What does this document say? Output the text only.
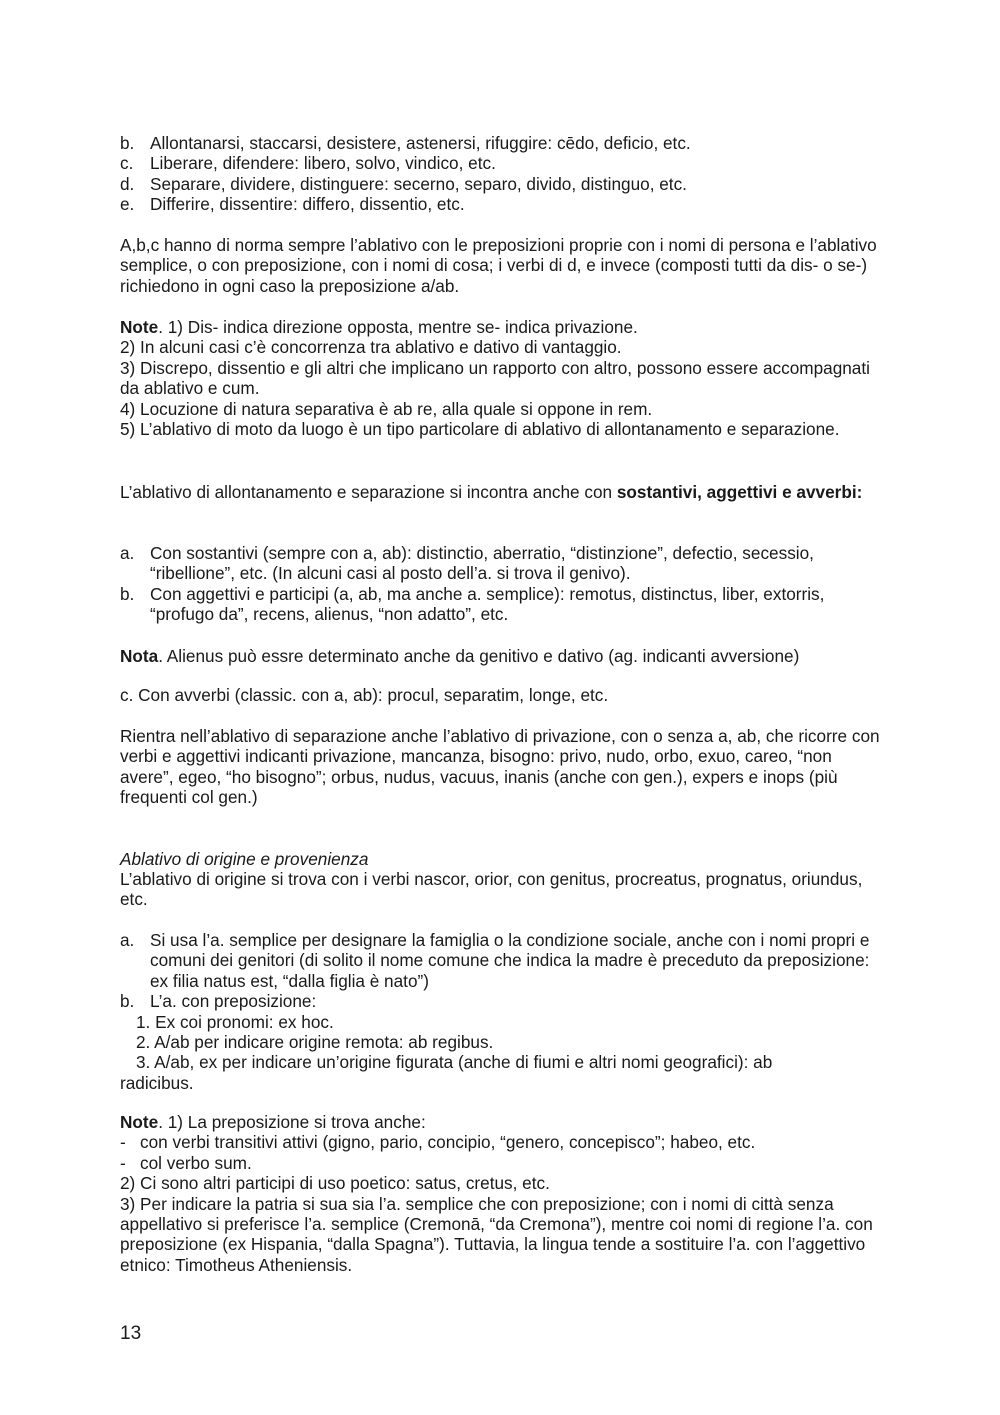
b. Allontanarsi, staccarsi, desistere, astenersi, rifuggire: cēdo, deficio, etc.
c. Liberare, difendere: libero, solvo, vindico, etc.
d. Separare, dividere, distinguere: secerno, separo, divido, distinguo, etc.
e. Differire, dissentire: differo, dissentio, etc.

A,b,c hanno di norma sempre l’ablativo con le preposizioni proprie con i nomi di persona e l’ablativo semplice, o con preposizione, con i nomi di cosa; i verbi di d, e invece (composti tutti da dis- o se-) richiedono in ogni caso la preposizione a/ab.

Note. 1) Dis- indica direzione opposta, mentre se- indica privazione.
2) In alcuni casi c’è concorrenza tra ablativo e dativo di vantaggio.
3) Discrepo, dissentio e gli altri che implicano un rapporto con altro, possono essere accompagnati da ablativo e cum.
4) Locuzione di natura separativa è ab re, alla quale si oppone in rem.
5) L’ablativo di moto da luogo è un tipo particolare di ablativo di allontanamento e separazione.

L’ablativo di allontanamento e separazione si incontra anche con sostantivi, aggettivi e avverbi:

a. Con sostantivi (sempre con a, ab): distinctio, aberratio, “distinzione”, defectio, secessio, “ribellione”, etc. (In alcuni casi al posto dell’a. si trova il genivo).
b. Con aggettivi e participi (a, ab, ma anche a. semplice): remotus, distinctus, liber, extorris, “profugo da”, recens, alienus, “non adatto”, etc.

Nota. Alienus può essre determinato anche da genitivo e dativo (ag. indicanti avversione)

c. Con avverbi (classic. con a, ab): procul, separatim, longe, etc.

Rientra nell’ablativo di separazione anche l’ablativo di privazione, con o senza a, ab, che ricorre con verbi e aggettivi indicanti privazione, mancanza, bisogno: privo, nudo, orbo, exuo, careo, “non avere”, egeo, “ho bisogno”; orbus, nudus, vacuus, inanis (anche con gen.), expers e inops (più frequenti col gen.)

Ablativo di origine e provenienza

L’ablativo di origine si trova con i verbi nascor, orior, con genitus, procreatus, prognatus, oriundus, etc.

a. Si usa l’a. semplice per designare la famiglia o la condizione sociale, anche con i nomi propri e comuni dei genitori (di solito il nome comune che indica la madre è preceduto da preposizione: ex filia natus est, “dalla figlia è nato”)
b. L’a. con preposizione:
1. Ex coi pronomi: ex hoc.
2. A/ab per indicare origine remota: ab regibus.
3. A/ab, ex per indicare un’origine figurata (anche di fiumi e altri nomi geografici): ab
radicibus.
Note. 1) La preposizione si trova anche:
- con verbi transitivi attivi (gigno, pario, concipio, “genero, concepisco”; habeo, etc.
- col verbo sum.
2) Ci sono altri participi di uso poetico: satus, cretus, etc.
3) Per indicare la patria si sua sia l’a. semplice che con preposizione; con i nomi di città senza appellativo si preferisce l’a. semplice (Cremonā, “da Cremona”), mentre coi nomi di regione l’a. con preposizione (ex Hispania, “dalla Spagna”). Tuttavia, la lingua tende a sostituire l’a. con l’aggettivo etnico: Timotheus Atheniensis.
13
